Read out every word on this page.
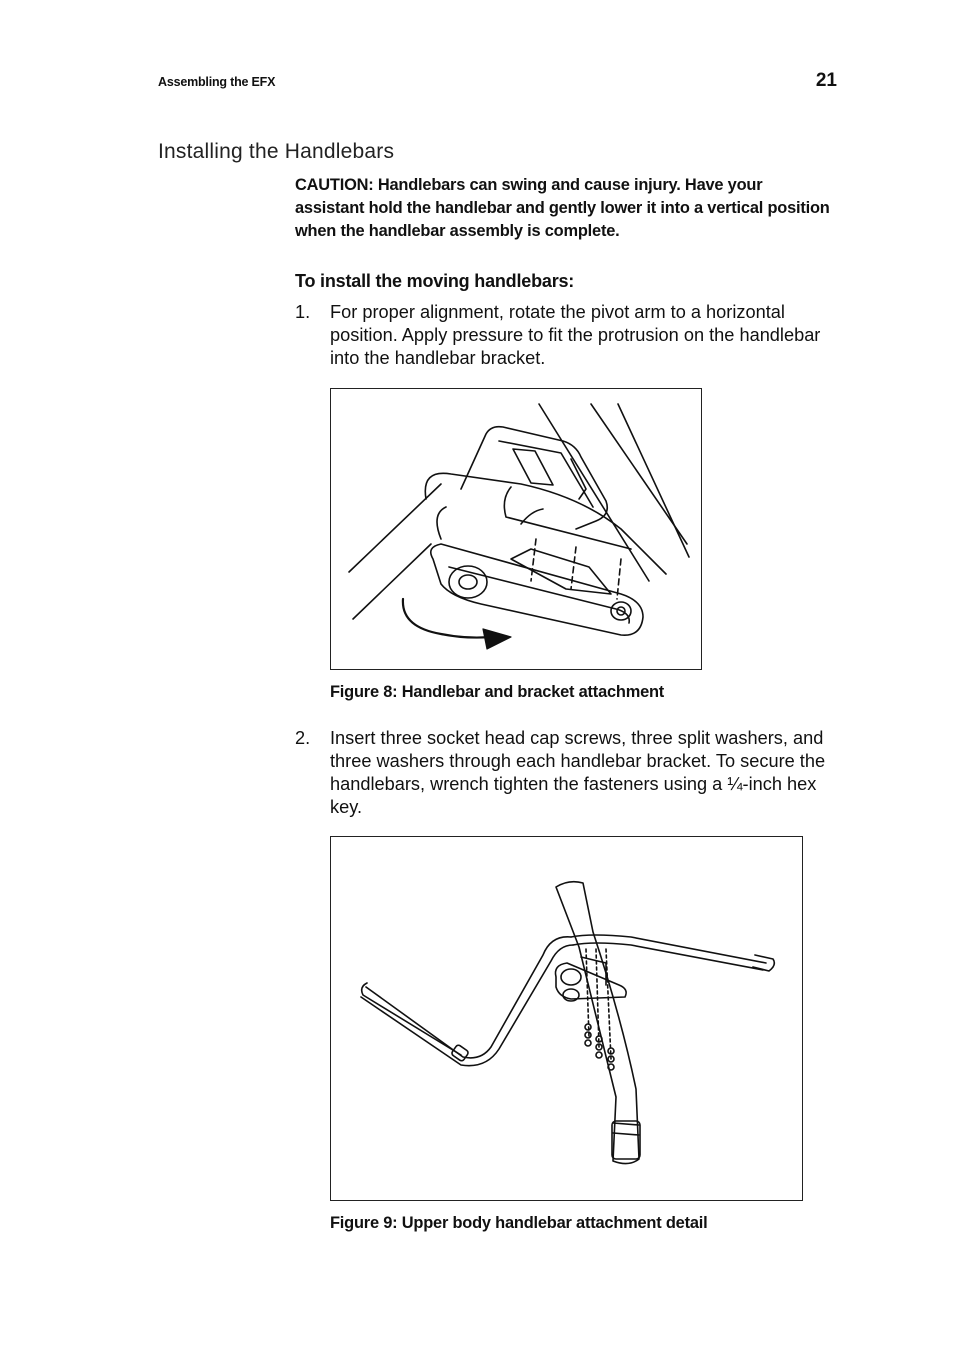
Assembling the EFX	21
Installing the Handlebars
CAUTION: Handlebars can swing and cause injury. Have your assistant hold the handlebar and gently lower it into a vertical position when the handlebar assembly is complete.
To install the moving handlebars:
1. For proper alignment, rotate the pivot arm to a horizontal position. Apply pressure to fit the protrusion on the handlebar into the handlebar bracket.
Figure 8: Handlebar and bracket attachment
2. Insert three socket head cap screws, three split washers, and three washers through each handlebar bracket. To secure the handlebars, wrench tighten the fasteners using a ¼-inch hex key.
Figure 9: Upper body handlebar attachment detail
